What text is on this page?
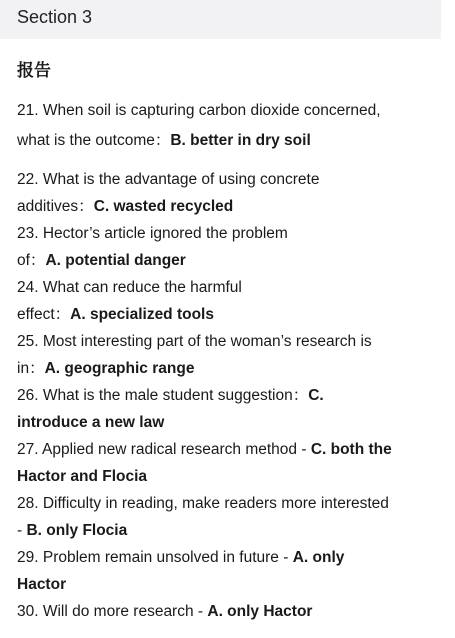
Section 3
报告
21. When soil is capturing carbon dioxide concerned,
what is the outcome：B. better in dry soil
22. What is the advantage of using concrete
additives：C. wasted recycled
23. Hector’s article ignored the problem
of：A. potential danger
24. What can reduce the harmful
effect：A. specialized tools
25. Most interesting part of the woman’s research is
in：A. geographic range
26. What is the male student suggestion：C.
introduce a new law
27. Applied new radical research method - C. both the
Hactor and Flocia
28. Difficulty in reading, make readers more interested
- B. only Flocia
29. Problem remain unsolved in future - A. only
Hactor
30. Will do more research - A. only Hactor
